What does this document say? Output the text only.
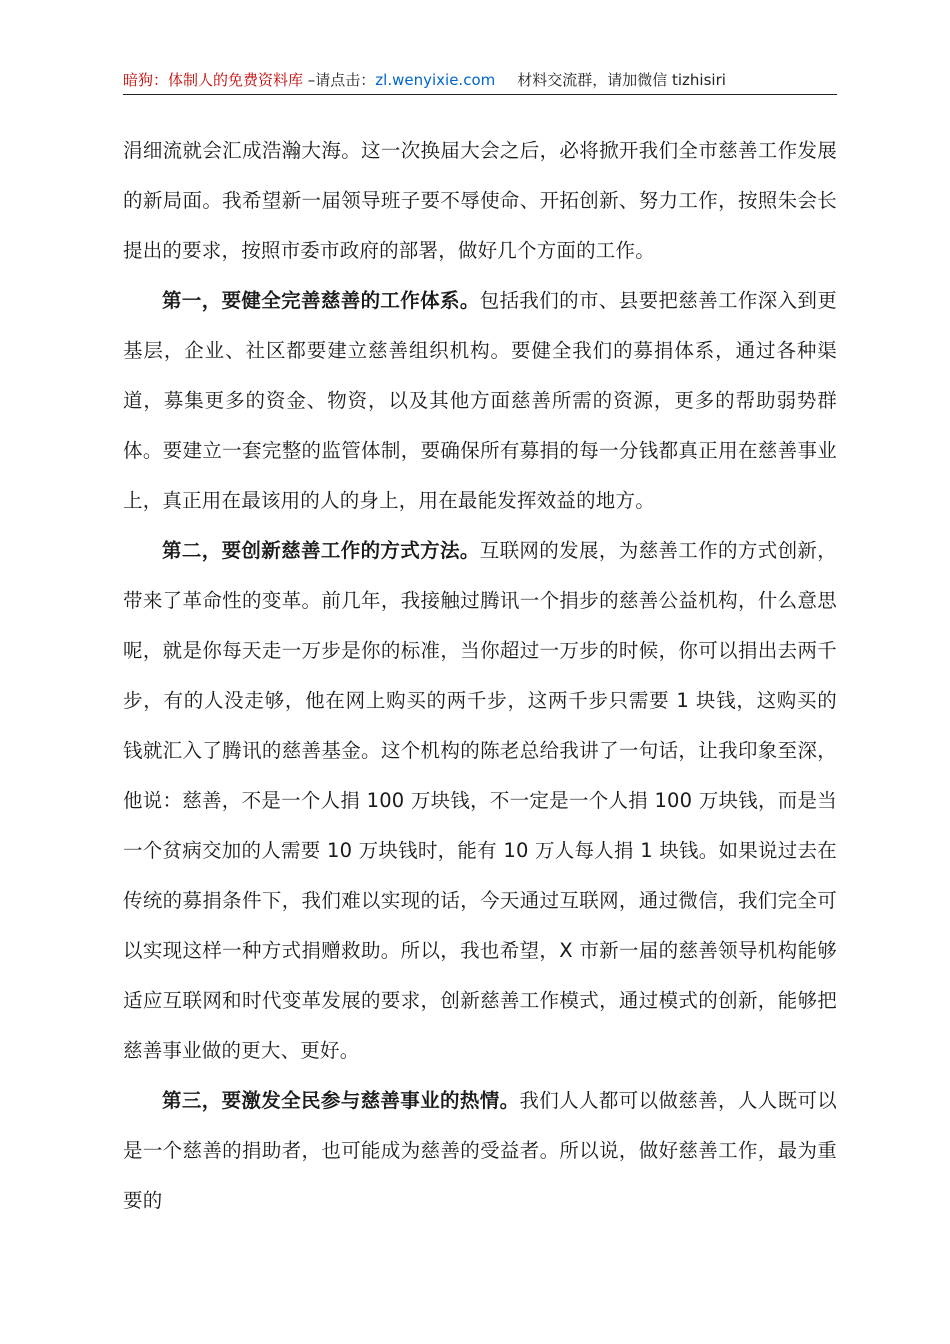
暗狗：体制人的免费资料库 –请点击：zl.wenyixie.com 材料交流群，请加微信 tizhisiri

涓细流就会汇成浩瀚大海。这一次换届大会之后，必将掀开我们全市慈善工作发展的新局面。我希望新一届领导班子要不辱使命、开拓创新、努力工作，按照朱会长提出的要求，按照市委市政府的部署，做好几个方面的工作。

第一，要健全完善慈善的工作体系。包括我们的市、县要把慈善工作深入到更基层，企业、社区都要建立慈善组织机构。要健全我们的募捐体系，通过各种渠道，募集更多的资金、物资，以及其他方面慈善所需的资源，更多的帮助弱势群体。要建立一套完整的监管体制，要确保所有募捐的每一分钱都真正用在慈善事业上，真正用在最该用的人的身上，用在最能发挥效益的地方。

第二，要创新慈善工作的方式方法。互联网的发展，为慈善工作的方式创新，带来了革命性的变革。前几年，我接触过腾讯一个捐步的慈善公益机构，什么意思呢，就是你每天走一万步是你的标准，当你超过一万步的时候，你可以捐出去两千步，有的人没走够，他在网上购买的两千步，这两千步只需要 1 块钱，这购买的钱就汇入了腾讯的慈善基金。这个机构的陈老总给我讲了一句话，让我印象至深，他说：慈善，不是一个人捐 100 万块钱，不一定是一个人捐 100 万块钱，而是当一个贫病交加的人需要 10 万块钱时，能有 10 万人每人捐 1 块钱。如果说过去在传统的募捐条件下，我们难以实现的话，今天通过互联网，通过微信，我们完全可以实现这样一种方式捐赠救助。所以，我也希望，X 市新一届的慈善领导机构能够适应互联网和时代变革发展的要求，创新慈善工作模式，通过模式的创新，能够把慈善事业做的更大、更好。

第三，要激发全民参与慈善事业的热情。我们人人都可以做慈善，人人既可以是一个慈善的捐助者，也可能成为慈善的受益者。所以说，做好慈善工作，最为重要的
